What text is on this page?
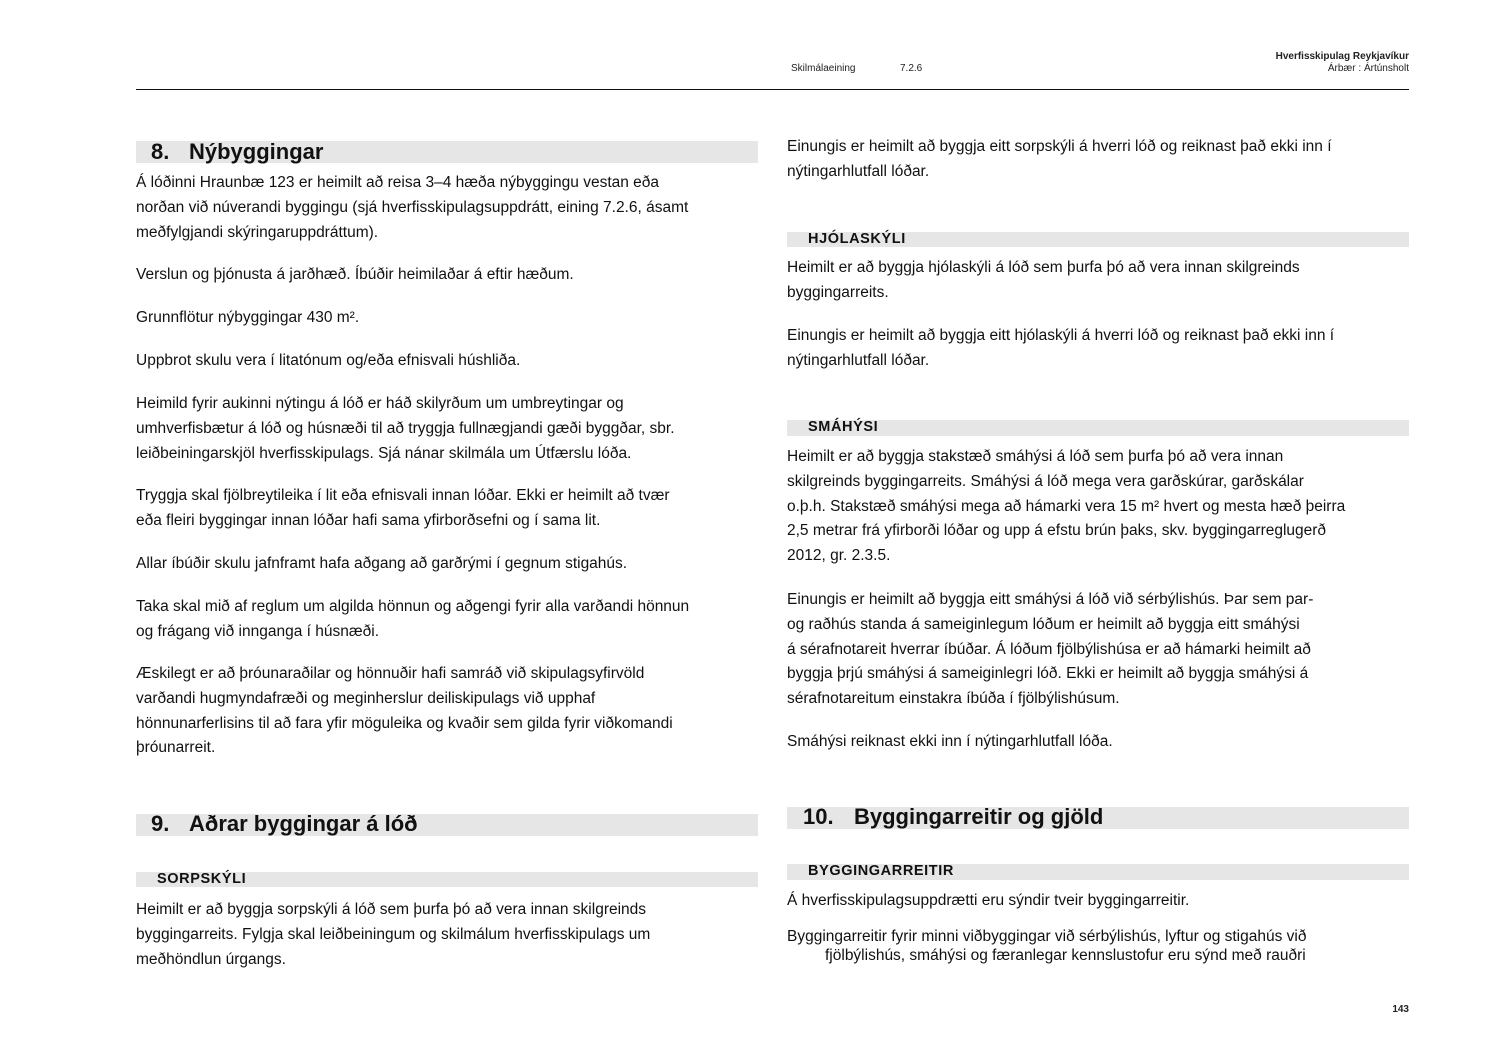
Skilmálaeining	7.2.6
Hverfisskipulag Reykjavíkur
Árbær : Ártúnsholt
8. Nýbyggingar
Á lóðinni Hraunbæ 123 er heimilt að reisa 3–4 hæða nýbyggingu vestan eða
norðan við núverandi byggingu (sjá hverfisskipulagsuppdrátt, eining 7.2.6, ásamt
meðfylgjandi skýringaruppdráttum).
Verslun og þjónusta á jarðhæð. Íbúðir heimilaðar á eftir hæðum.
Grunnflötur nýbyggingar 430 m².
Uppbrot skulu vera í litatónum og/eða efnisvali húshliða.
Heimild fyrir aukinni nýtingu á lóð er háð skilyrðum um umbreytingar og
umhverfisbætur á lóð og húsnæði til að tryggja fullnægjandi gæði byggðar, sbr.
leiðbeiningarskjöl hverfisskipulags. Sjá nánar skilmála um Útfærslu lóða.
Tryggja skal fjölbreytileika í lit eða efnisvali innan lóðar. Ekki er heimilt að tvær
eða fleiri byggingar innan lóðar hafi sama yfirborðsefni og í sama lit.
Allar íbúðir skulu jafnframt hafa aðgang að garðrými í gegnum stigahús.
Taka skal mið af reglum um algilda hönnun og aðgengi fyrir alla varðandi hönnun
og frágang við innganga í húsnæði.
Æskilegt er að þróunaraðilar og hönnuðir hafi samráð við skipulagsyfirvöld
varðandi hugmyndafræði og meginherslur deiliskipulags við upphaf
hönnunarferlisins til að fara yfir möguleika og kvaðir sem gilda fyrir viðkomandi
þróunarreit.
9. Aðrar byggingar á lóð
SORPSKÝLI
Heimilt er að byggja sorpskýli á lóð sem þurfa þó að vera innan skilgreinds
byggingarreits. Fylgja skal leiðbeiningum og skilmálum hverfisskipulags um
meðhöndlun úrgangs.
Einungis er heimilt að byggja eitt sorpskýli á hverri lóð og reiknast það ekki inn í
nýtingarhlutfall lóðar.
HJÓLASKÝLI
Heimilt er að byggja hjólaskýli á lóð sem þurfa þó að vera innan skilgreinds
byggingarreits.
Einungis er heimilt að byggja eitt hjólaskýli á hverri lóð og reiknast það ekki inn í
nýtingarhlutfall lóðar.
SMÁHÝSI
Heimilt er að byggja stakstæð smáhýsi á lóð sem þurfa þó að vera innan
skilgreinds byggingarreits. Smáhýsi á lóð mega vera garðskúrar, garðskálar
o.þ.h. Stakstæð smáhýsi mega að hámarki vera 15 m² hvert og mesta hæð þeirra
2,5 metrar frá yfirborði lóðar og upp á efstu brún þaks, skv. byggingarreglugerð
2012, gr. 2.3.5.
Einungis er heimilt að byggja eitt smáhýsi á lóð við sérbýlishús. Þar sem par-
og raðhús standa á sameiginlegum lóðum er heimilt að byggja eitt smáhýsi
á sérafnotareit hverrar íbúðar. Á lóðum fjölbýlishúsa er að hámarki heimilt að
byggja þrjú smáhýsi á sameiginlegri lóð. Ekki er heimilt að byggja smáhýsi á
sérafnotareitum einstakra íbúða í fjölbýlishúsum.
Smáhýsi reiknast ekki inn í nýtingarhlutfall lóða.
10. Byggingarreitir og gjöld
BYGGINGARREITIR
Á hverfisskipulagsuppdrætti eru sýndir tveir byggingarreitir.
Byggingarreitir fyrir minni viðbyggingar við sérbýlishús, lyftur og stigahús við
fjölbýlishús, smáhýsi og færanlegar kennslustofur eru sýnd með rauðri
143
